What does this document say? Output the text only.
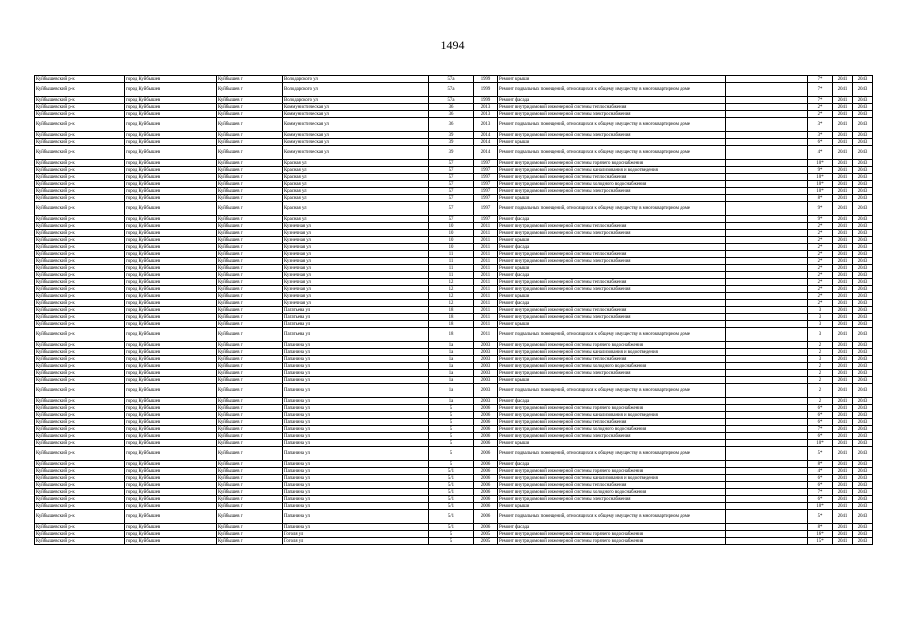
1494
Куйбышевский р-к	город Куйбышев	Куйбышев г	Володарского ул	57а	1999	Ремонт крыши		7*	2041	2043
Куйбышевский р-к	город Куйбышев	Куйбышев г	Володарского ул	57а	1999	Ремонт подвальных помещений, относящихся к общему имуществу в многоквартирном доме		7*	2041	2043
Куйбышевский р-к	город Куйбышев	Куйбышев г	Володарского ул	57а	1999	Ремонт фасада		7*	2041	2043
Куйбышевский р-к	город Куйбышев	Куйбышев г	Коммунистическая ул	36	2013	Ремонт внутридомовой инженерной системы теплоснабжения		2*	2041	2043
Куйбышевский р-к	город Куйбышев	Куйбышев г	Коммунистическая ул	36	2013	Ремонт внутридомовой инженерной системы электроснабжения		2*	2041	2043
Куйбышевский р-к	город Куйбышев	Куйбышев г	Коммунистическая ул	36	2013	Ремонт подвальных помещений, относящихся к общему имуществу в многоквартирном доме		3*	2041	2043
Куйбышевский р-к	город Куйбышев	Куйбышев г	Коммунистическая ул	39	2014	Ремонт внутридомовой инженерной системы электроснабжения		3*	2041	2043
Куйбышевский р-к	город Куйбышев	Куйбышев г	Коммунистическая ул	39	2014	Ремонт крыши		6*	2041	2043
Куйбышевский р-к	город Куйбышев	Куйбышев г	Коммунистическая ул	39	2014	Ремонт подвальных помещений, относящихся к общему имуществу в многоквартирном доме		4*	2041	2043
Куйбышевский р-к	город Куйбышев	Куйбышев г	Красная ул	57	1997	Ремонт внутридомовой инженерной системы горячего водоснабжения		10*	2041	2043
Куйбышевский р-к	город Куйбышев	Куйбышев г	Красная ул	57	1997	Ремонт внутридомовой инженерной системы канализования и водоотведения		9*	2041	2043
Куйбышевский р-к	город Куйбышев	Куйбышев г	Красная ул	57	1997	Ремонт внутридомовой инженерной системы теплоснабжения		10*	2041	2043
Куйбышевский р-к	город Куйбышев	Куйбышев г	Красная ул	57	1997	Ремонт внутридомовой инженерной системы холодного водоснабжения		10*	2041	2043
Куйбышевский р-к	город Куйбышев	Куйбышев г	Красная ул	57	1997	Ремонт внутридомовой инженерной системы электроснабжения		10*	2041	2043
Куйбышевский р-к	город Куйбышев	Куйбышев г	Красная ул	57	1997	Ремонт крыши		8*	2041	2043
Куйбышевский р-к	город Куйбышев	Куйбышев г	Красная ул	57	1997	Ремонт подвальных помещений, относящихся к общему имуществу в многоквартирном доме		9*	2041	2043
Куйбышевский р-к	город Куйбышев	Куйбышев г	Красная ул	57	1997	Ремонт фасада		9*	2041	2043
Куйбышевский р-к	город Куйбышев	Куйбышев г	Кузнечная ул	10	2011	Ремонт внутридомовой инженерной системы теплоснабжения		2*	2041	2043
Куйбышевский р-к	город Куйбышев	Куйбышев г	Кузнечная ул	10	2011	Ремонт внутридомовой инженерной системы электроснабжения		2*	2041	2043
Куйбышевский р-к	город Куйбышев	Куйбышев г	Кузнечная ул	10	2011	Ремонт крыши		2*	2041	2043
Куйбышевский р-к	город Куйбышев	Куйбышев г	Кузнечная ул	10	2011	Ремонт фасада		2*	2041	2043
Куйбышевский р-к	город Куйбышев	Куйбышев г	Кузнечная ул	11	2011	Ремонт внутридомовой инженерной системы теплоснабжения		2*	2041	2043
Куйбышевский р-к	город Куйбышев	Куйбышев г	Кузнечная ул	11	2011	Ремонт внутридомовой инженерной системы электроснабжения		2*	2041	2043
Куйбышевский р-к	город Куйбышев	Куйбышев г	Кузнечная ул	11	2011	Ремонт крыши		2*	2041	2043
Куйбышевский р-к	город Куйбышев	Куйбышев г	Кузнечная ул	11	2011	Ремонт фасада		2*	2041	2043
Куйбышевский р-к	город Куйбышев	Куйбышев г	Кузнечная ул	12	2011	Ремонт внутридомовой инженерной системы теплоснабжения		2*	2041	2043
Куйбышевский р-к	город Куйбышев	Куйбышев г	Кузнечная ул	12	2011	Ремонт внутридомовой инженерной системы электроснабжения		2*	2041	2043
Куйбышевский р-к	город Куйбышев	Куйбышев г	Кузнечная ул	12	2011	Ремонт крыши		2*	2041	2043
Куйбышевский р-к	город Куйбышев	Куйбышев г	Кузнечная ул	12	2011	Ремонт фасада		2*	2041	2043
Куйбышевский р-к	город Куйбышев	Куйбышев г	Пагатьева ул	18	2011	Ремонт внутридомовой инженерной системы теплоснабжения		3	2041	2043
Куйбышевский р-к	город Куйбышев	Куйбышев г	Пагатьева ул	18	2011	Ремонт внутридомовой инженерной системы электроснабжения		3	2041	2043
Куйбышевский р-к	город Куйбышев	Куйбышев г	Пагатьева ул	18	2011	Ремонт крыши		3	2041	2043
Куйбышевский р-к	город Куйбышев	Куйбышев г	Пагатьева ул	18	2011	Ремонт подвальных помещений, относящихся к общему имуществу в многоквартирном доме		3	2041	2043
Куйбышевский р-к	город Куйбышев	Куйбышев г	Папанина ул	1а	2003	Ремонт внутридомовой инженерной системы горячего водоснабжения		2	2041	2043
Куйбышевский р-к	город Куйбышев	Куйбышев г	Папанина ул	1а	2003	Ремонт внутридомовой инженерной системы канализования и водоотведения		2	2041	2043
Куйбышевский р-к	город Куйбышев	Куйбышев г	Папанина ул	1а	2003	Ремонт внутридомовой инженерной системы теплоснабжения		3	2041	2043
Куйбышевский р-к	город Куйбышев	Куйбышев г	Папанина ул	1а	2003	Ремонт внутридомовой инженерной системы холодного водоснабжения		2	2041	2043
Куйбышевский р-к	город Куйбышев	Куйбышев г	Папанина ул	1а	2003	Ремонт внутридомовой инженерной системы электроснабжения		2	2041	2043
Куйбышевский р-к	город Куйбышев	Куйбышев г	Папанина ул	1а	2003	Ремонт крыши		2	2041	2043
Куйбышевский р-к	город Куйбышев	Куйбышев г	Папанина ул	1а	2003	Ремонт подвальных помещений, относящихся к общему имуществу в многоквартирном доме		2	2041	2043
Куйбышевский р-к	город Куйбышев	Куйбышев г	Папанина ул	1а	2003	Ремонт фасада		2	2041	2043
Куйбышевский р-к	город Куйбышев	Куйбышев г	Папанина ул	5	2006	Ремонт внутридомовой инженерной системы горячего водоснабжения		6*	2041	2043
Куйбышевский р-к	город Куйбышев	Куйбышев г	Папанина ул	5	2006	Ремонт внутридомовой инженерной системы канализования и водоотведения		6*	2041	2043
Куйбышевский р-к	город Куйбышев	Куйбышев г	Папанина ул	5	2006	Ремонт внутридомовой инженерной системы теплоснабжения		6*	2041	2043
Куйбышевский р-к	город Куйбышев	Куйбышев г	Папанина ул	5	2006	Ремонт внутридомовой инженерной системы холодного водоснабжения		7*	2041	2043
Куйбышевский р-к	город Куйбышев	Куйбышев г	Папанина ул	5	2006	Ремонт внутридомовой инженерной системы электроснабжения		6*	2041	2043
Куйбышевский р-к	город Куйбышев	Куйбышев г	Папанина ул	5	2006	Ремонт крыши		10*	2041	2043
Куйбышевский р-к	город Куйбышев	Куйбышев г	Папанина ул	5	2006	Ремонт подвальных помещений, относящихся к общему имуществу в многоквартирном доме		5*	2041	2043
Куйбышевский р-к	город Куйбышев	Куйбышев г	Папанина ул	5	2006	Ремонт фасада		8*	2041	2043
Куйбышевский р-к	город Куйбышев	Куйбышев г	Папанина ул	5/1	2006	Ремонт внутридомовой инженерной системы горячего водоснабжения		4*	2041	2043
Куйбышевский р-к	город Куйбышев	Куйбышев г	Папанина ул	5/1	2006	Ремонт внутридомовой инженерной системы канализования и водоотведения		6*	2041	2043
Куйбышевский р-к	город Куйбышев	Куйбышев г	Папанина ул	5/1	2006	Ремонт внутридомовой инженерной системы теплоснабжения		6*	2041	2043
Куйбышевский р-к	город Куйбышев	Куйбышев г	Папанина ул	5/1	2006	Ремонт внутридомовой инженерной системы холодного водоснабжения		7*	2041	2043
Куйбышевский р-к	город Куйбышев	Куйбышев г	Папанина ул	5/1	2006	Ремонт внутридомовой инженерной системы электроснабжения		6*	2041	2043
Куйбышевский р-к	город Куйбышев	Куйбышев г	Папанина ул	5/1	2006	Ремонт крыши		10*	2041	2043
Куйбышевский р-к	город Куйбышев	Куйбышев г	Папанина ул	5/1	2006	Ремонт подвальных помещений, относящихся к общему имуществу в многоквартирном доме		5*	2041	2043
Куйбышевский р-к	город Куйбышев	Куйбышев г	Папанина ул	5/1	2006	Ремонт фасада		8*	2041	2043
Куйбышевский р-к	город Куйбышев	Куйбышев г	Гоголя ул	5	2005	Ремонт внутридомовой инженерной системы горячего водоснабжения		16*	2041	2043
Куйбышевский р-к	город Куйбышев	Куйбышев г	Гоголя ул	5	2005	Ремонт внутридомовой инженерной системы горячего водоснабжения		15*	2041	2043
